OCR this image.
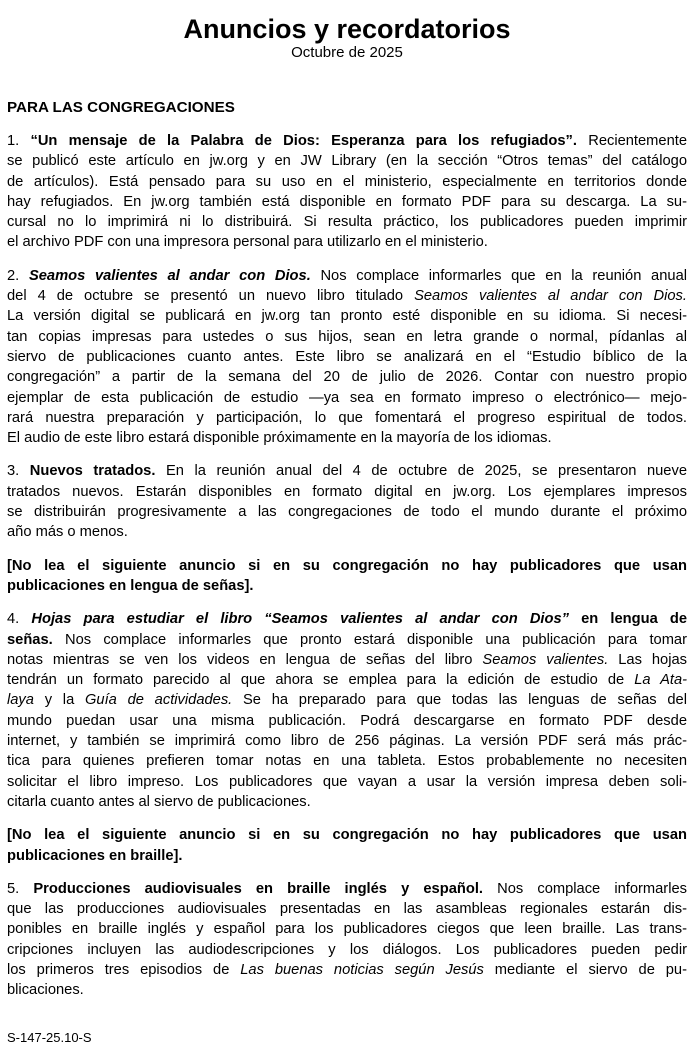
Anuncios y recordatorios
Octubre de 2025
PARA LAS CONGREGACIONES
1. “Un mensaje de la Palabra de Dios: Esperanza para los refugiados”. Recientemente
se publicó este artículo en jw.org y en JW Library (en la sección “Otros temas” del catálogo
de artículos). Está pensado para su uso en el ministerio, especialmente en territorios donde
hay refugiados. En jw.org también está disponible en formato PDF para su descarga. La su-
cursal no lo imprimirá ni lo distribuirá. Si resulta práctico, los publicadores pueden imprimir
el archivo PDF con una impresora personal para utilizarlo en el ministerio.
2. Seamos valientes al andar con Dios. Nos complace informarles que en la reunión anual
del 4 de octubre se presentó un nuevo libro titulado Seamos valientes al andar con Dios.
La versión digital se publicará en jw.org tan pronto esté disponible en su idioma. Si necesi-
tan copias impresas para ustedes o sus hijos, sean en letra grande o normal, pídanlas al
siervo de publicaciones cuanto antes. Este libro se analizará en el “Estudio bíblico de la
congregación” a partir de la semana del 20 de julio de 2026. Contar con nuestro propio
ejemplar de esta publicación de estudio —ya sea en formato impreso o electrónico— mejo-
rará nuestra preparación y participación, lo que fomentará el progreso espiritual de todos.
El audio de este libro estará disponible próximamente en la mayoría de los idiomas.
3. Nuevos tratados. En la reunión anual del 4 de octubre de 2025, se presentaron nueve
tratados nuevos. Estarán disponibles en formato digital en jw.org. Los ejemplares impresos
se distribuirán progresivamente a las congregaciones de todo el mundo durante el próximo
año más o menos.
[No lea el siguiente anuncio si en su congregación no hay publicadores que usan
publicaciones en lengua de señas].
4. Hojas para estudiar el libro “Seamos valientes al andar con Dios” en lengua de
señas. Nos complace informarles que pronto estará disponible una publicación para tomar
notas mientras se ven los videos en lengua de señas del libro Seamos valientes. Las hojas
tendrán un formato parecido al que ahora se emplea para la edición de estudio de La Ata-
laya y la Guía de actividades. Se ha preparado para que todas las lenguas de señas del
mundo puedan usar una misma publicación. Podrá descargarse en formato PDF desde
internet, y también se imprimirá como libro de 256 páginas. La versión PDF será más prác-
tica para quienes prefieren tomar notas en una tableta. Estos probablemente no necesiten
solicitar el libro impreso. Los publicadores que vayan a usar la versión impresa deben soli-
citarla cuanto antes al siervo de publicaciones.
[No lea el siguiente anuncio si en su congregación no hay publicadores que usan
publicaciones en braille].
5. Producciones audiovisuales en braille inglés y español. Nos complace informarles
que las producciones audiovisuales presentadas en las asambleas regionales estarán dis-
ponibles en braille inglés y español para los publicadores ciegos que leen braille. Las trans-
cripciones incluyen las audiodescripciones y los diálogos. Los publicadores pueden pedir
los primeros tres episodios de Las buenas noticias según Jesús mediante el siervo de pu-
blicaciones.
S-147-25.10-S
